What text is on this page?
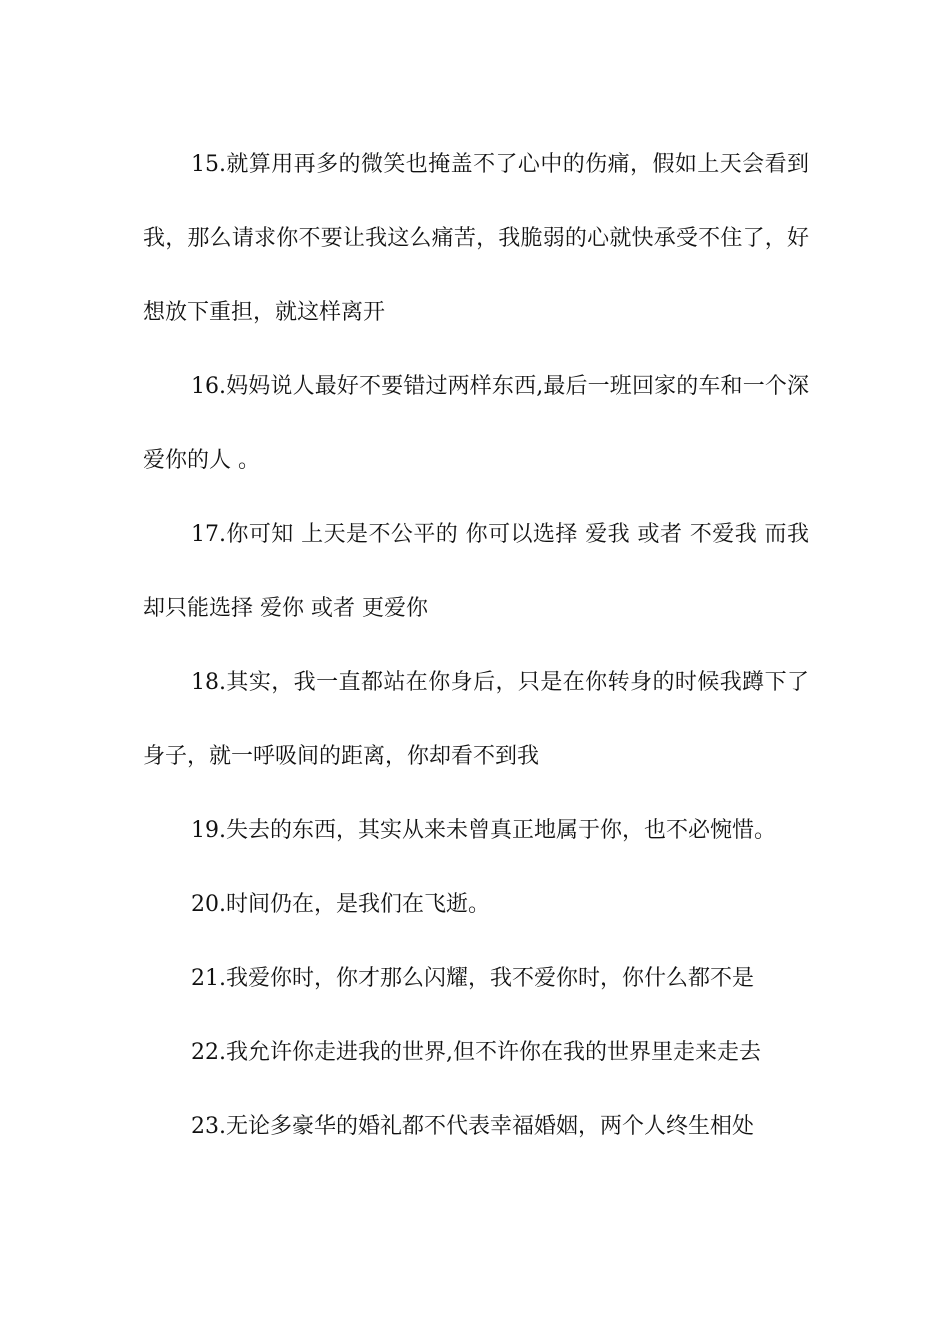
15.就算用再多的微笑也掩盖不了心中的伤痛，假如上天会看到我，那么请求你不要让我这么痛苦，我脆弱的心就快承受不住了，好想放下重担，就这样离开

16.妈妈说人最好不要错过两样东西,最后一班回家的车和一个深爱你的人 。

17.你可知 上天是不公平的 你可以选择 爱我 或者 不爱我 而我却只能选择 爱你 或者 更爱你

18.其实，我一直都站在你身后，只是在你转身的时候我蹲下了身子，就一呼吸间的距离，你却看不到我

19.失去的东西，其实从来未曾真正地属于你，也不必惋惜。

20.时间仍在，是我们在飞逝。

21.我爱你时，你才那么闪耀，我不爱你时，你什么都不是

22.我允许你走进我的世界,但不许你在我的世界里走来走去

23.无论多豪华的婚礼都不代表幸福婚姻，两个人终生相处
